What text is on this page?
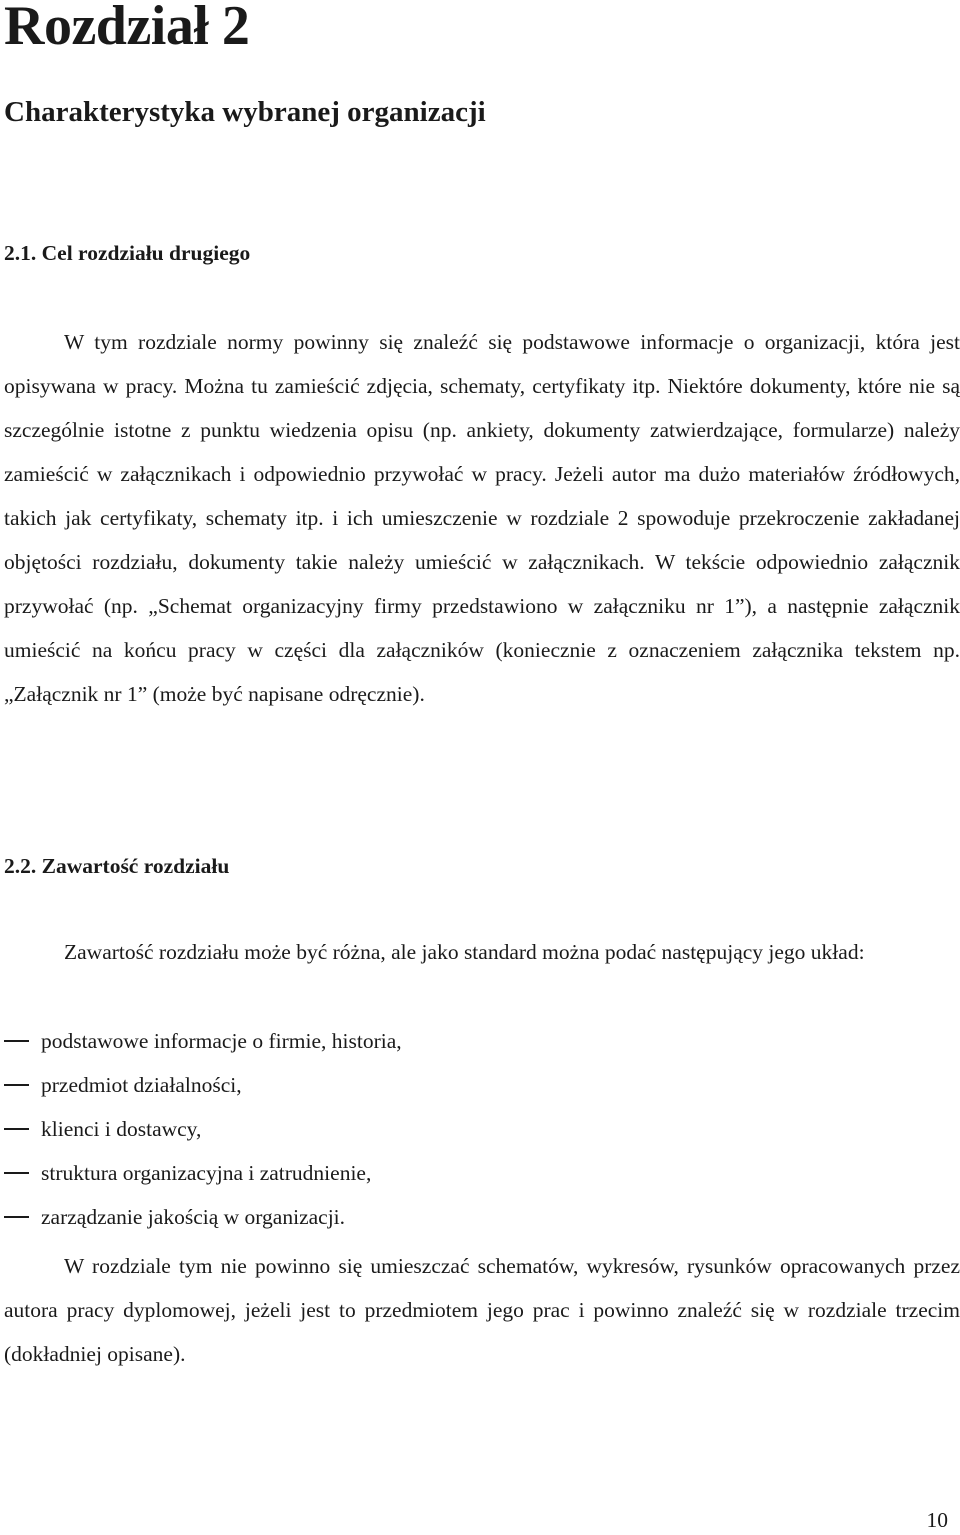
Rozdział 2
Charakterystyka wybranej organizacji
2.1. Cel rozdziału drugiego

W tym rozdziale normy powinny się znaleźć się podstawowe informacje o organizacji, która jest opisywana w pracy. Można tu zamieścić zdjęcia, schematy, certyfikaty itp. Niektóre dokumenty, które nie są szczególnie istotne z punktu wiedzenia opisu (np. ankiety, dokumenty zatwierdzające, formularze) należy zamieścić w załącznikach i odpowiednio przywołać w pracy. Jeżeli autor ma dużo materiałów źródłowych, takich jak certyfikaty, schematy itp. i ich umieszczenie w rozdziale 2 spowoduje przekroczenie zakładanej objętości rozdziału, dokumenty takie należy umieścić w załącznikach. W tekście odpowiednio załącznik przywołać (np. „Schemat organizacyjny firmy przedstawiono w załączniku nr 1”), a następnie załącznik umieścić na końcu pracy w części dla załączników (koniecznie z oznaczeniem załącznika tekstem np. „Załącznik nr 1” (może być napisane odręcznie).

2.2. Zawartość rozdziału

Zawartość rozdziału może być różna, ale jako standard można podać następujący jego układ:

podstawowe informacje o firmie, historia,
przedmiot działalności,
klienci i dostawcy,
struktura organizacyjna i zatrudnienie,
zarządzanie jakością w organizacji.

W rozdziale tym nie powinno się umieszczać schematów, wykresów, rysunków opracowanych przez autora pracy dyplomowej, jeżeli jest to przedmiotem jego prac i powinno znaleźć się w rozdziale trzecim (dokładniej opisane).

10
